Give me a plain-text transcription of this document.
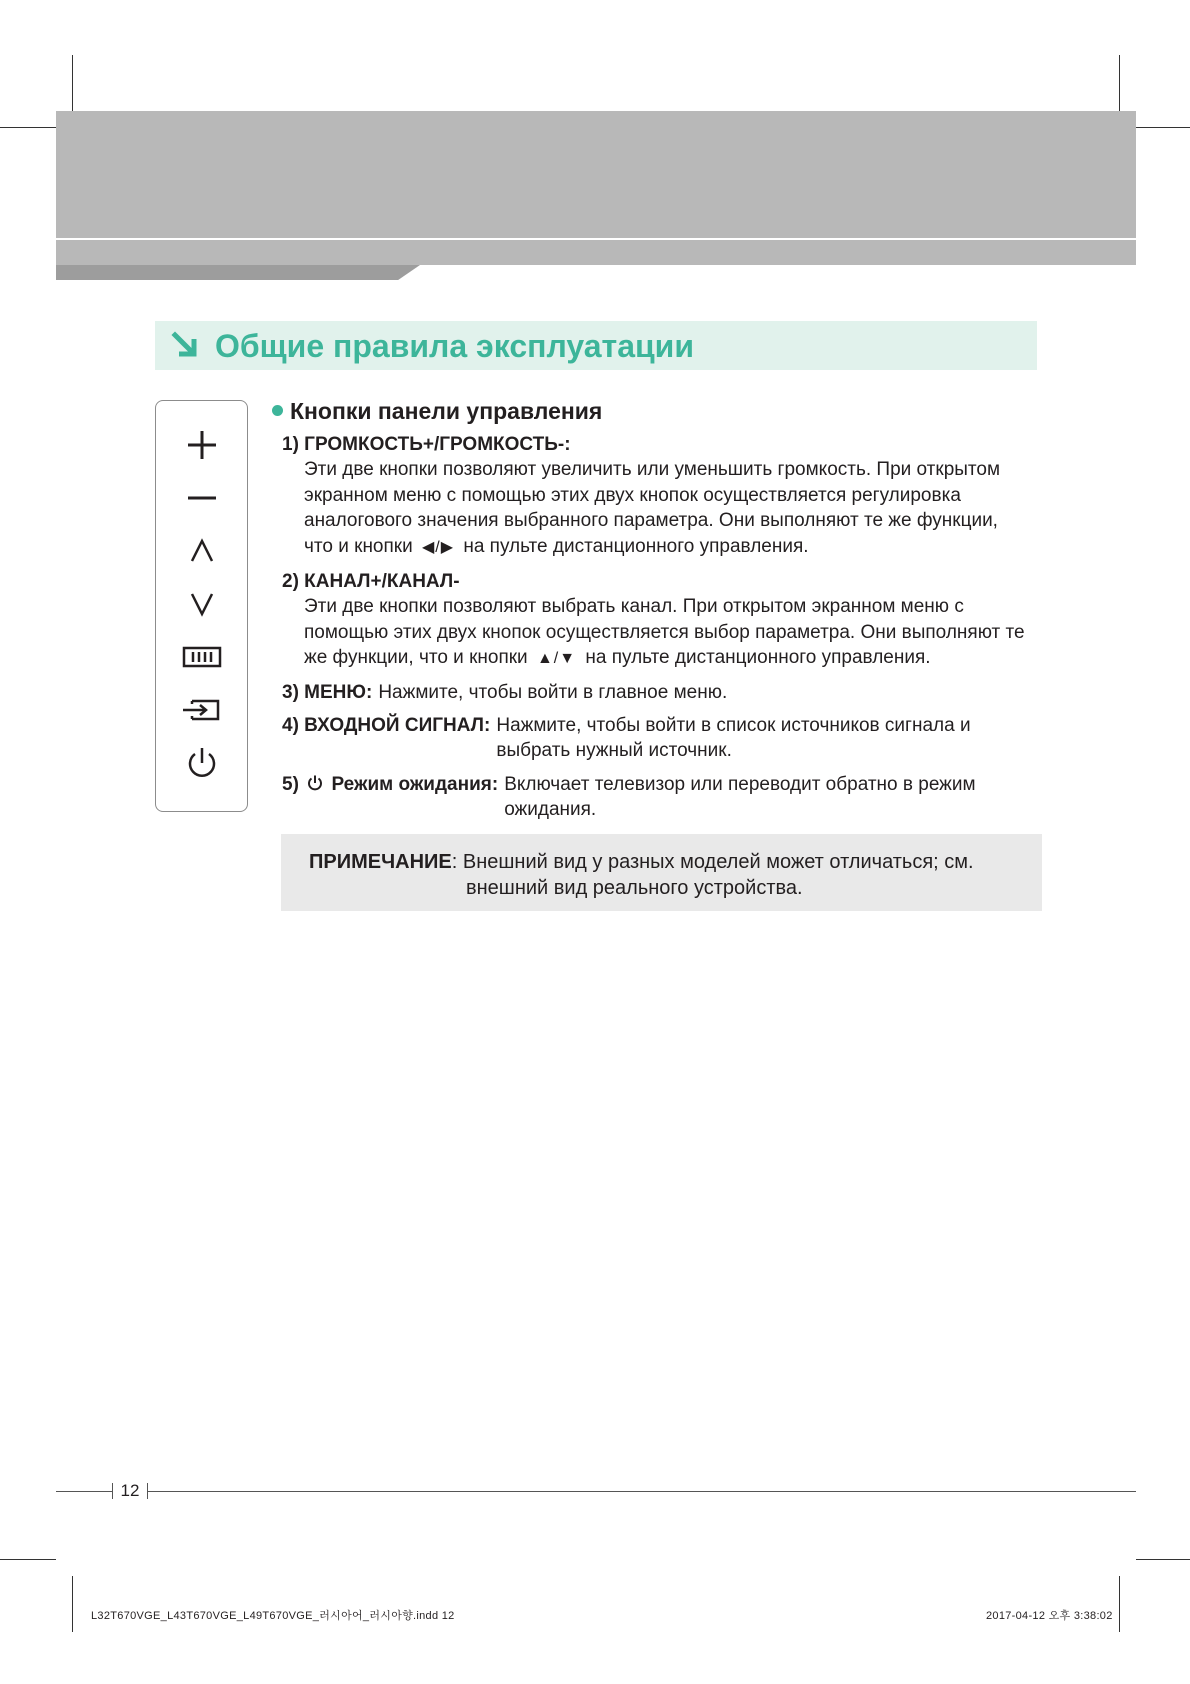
Общие правила эксплуатации
Кнопки панели управления
1) ГРОМКОСТЬ+/ГРОМКОСТЬ-:
Эти две кнопки позволяют увеличить или уменьшить громкость. При открытом
экранном меню с помощью этих двух кнопок осуществляется регулировка
аналогового значения выбранного параметра. Они выполняют те же функции,
что и кнопки ◀/▶ на пульте дистанционного управления.
2) КАНАЛ+/КАНАЛ-
Эти две кнопки позволяют выбрать канал. При открытом экранном меню с
помощью этих двух кнопок осуществляется выбор параметра. Они выполняют те
же функции, что и кнопки ▲/▼ на пульте дистанционного управления.
3) МЕНЮ: Нажмите, чтобы войти в главное меню.
4) ВХОДНОЙ СИГНАЛ: Нажмите, чтобы войти в список источников сигнала и
выбрать нужный источник.
5) Режим ожидания: Включает телевизор или переводит обратно в режим
ожидания.
ПРИМЕЧАНИЕ: Внешний вид у разных моделей может отличаться; см.
внешний вид реального устройства.
12
L32T670VGE_L43T670VGE_L49T670VGE_러시아어_러시아향.indd 12	2017-04-12 오후 3:38:02
